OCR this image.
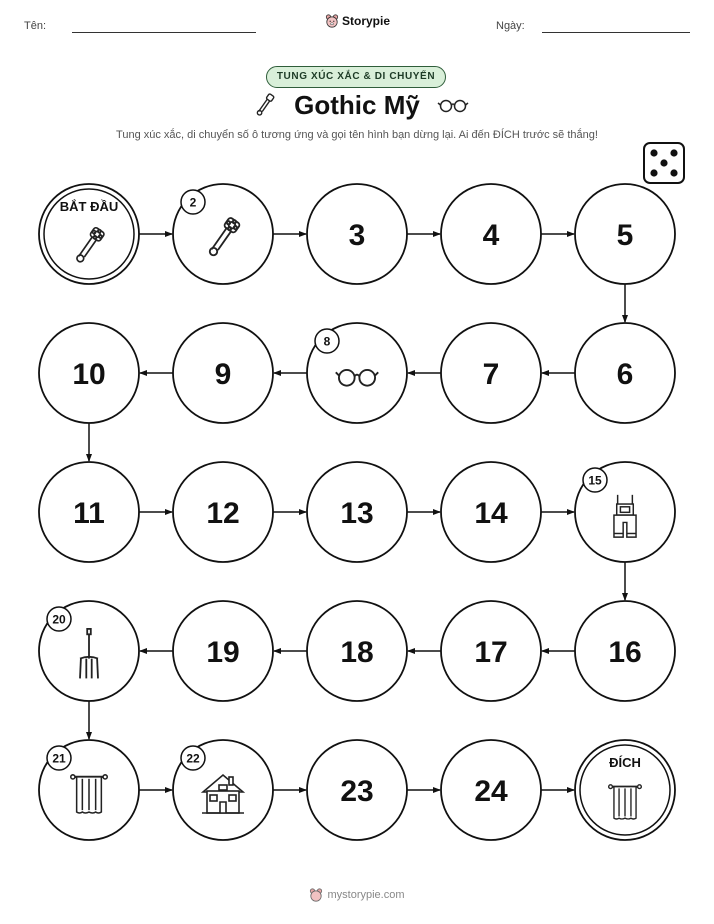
Tên:	Storypie	Ngày:
TUNG XÚC XẮC & DI CHUYỂN
Gothic Mỹ
Tung xúc xắc, di chuyển số ô tương ứng và gọi tên hình bạn dừng lại. Ai đến ĐÍCH trước sẽ thắng!
BẮT ĐẦU	2
3	4	5
6
7
8
9
10
11	12	13	14
15
16
17
18
19
20
21	22
23	24
ĐÍCH
mystorypie.com
